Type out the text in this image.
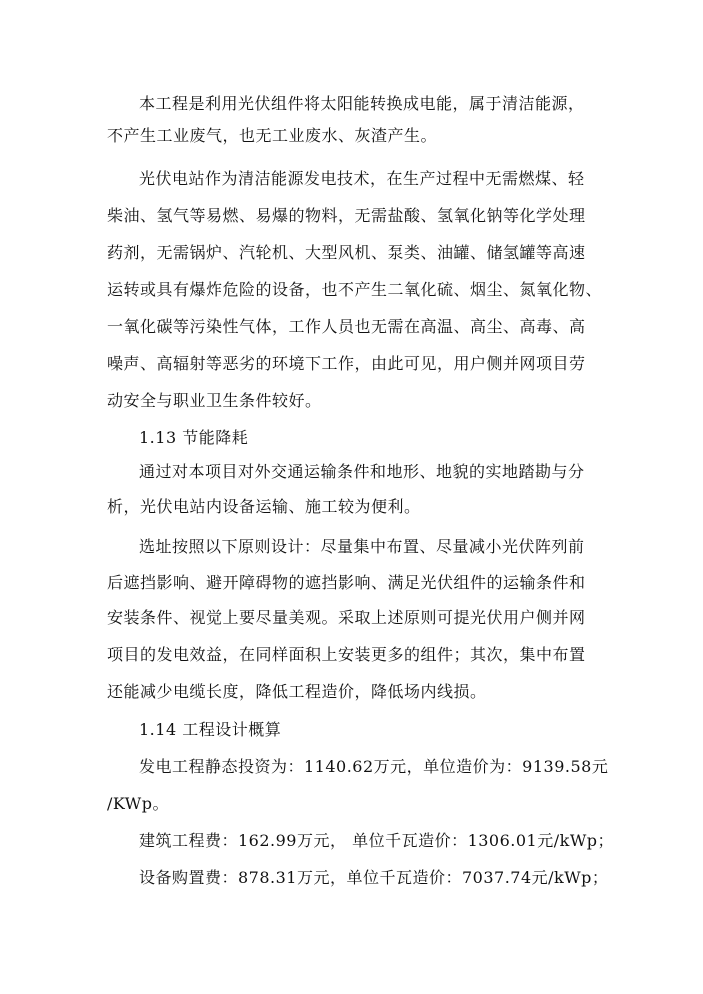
本工程是利用光伏组件将太阳能转换成电能，属于清洁能源，
不产生工业废气，也无工业废水、灰渣产生。
光伏电站作为清洁能源发电技术，在生产过程中无需燃煤、轻
柴油、氢气等易燃、易爆的物料，无需盐酸、氢氧化钠等化学处理
药剂，无需锅炉、汽轮机、大型风机、泵类、油罐、储氢罐等高速
运转或具有爆炸危险的设备，也不产生二氧化硫、烟尘、氮氧化物、
一氧化碳等污染性气体，工作人员也无需在高温、高尘、高毒、高
噪声、高辐射等恶劣的环境下工作，由此可见，用户侧并网项目劳
动安全与职业卫生条件较好。
1.13 节能降耗
通过对本项目对外交通运输条件和地形、地貌的实地踏勘与分
析，光伏电站内设备运输、施工较为便利。
选址按照以下原则设计：尽量集中布置、尽量减小光伏阵列前
后遮挡影响、避开障碍物的遮挡影响、满足光伏组件的运输条件和
安装条件、视觉上要尽量美观。采取上述原则可提光伏用户侧并网
项目的发电效益，在同样面积上安装更多的组件；其次，集中布置
还能减少电缆长度，降低工程造价，降低场内线损。
1.14 工程设计概算
发电工程静态投资为：1140.62万元，单位造价为：9139.58元
/KWp。
建筑工程费：162.99万元， 单位千瓦造价：1306.01元/kWp；
设备购置费：878.31万元，单位千瓦造价：7037.74元/kWp；
